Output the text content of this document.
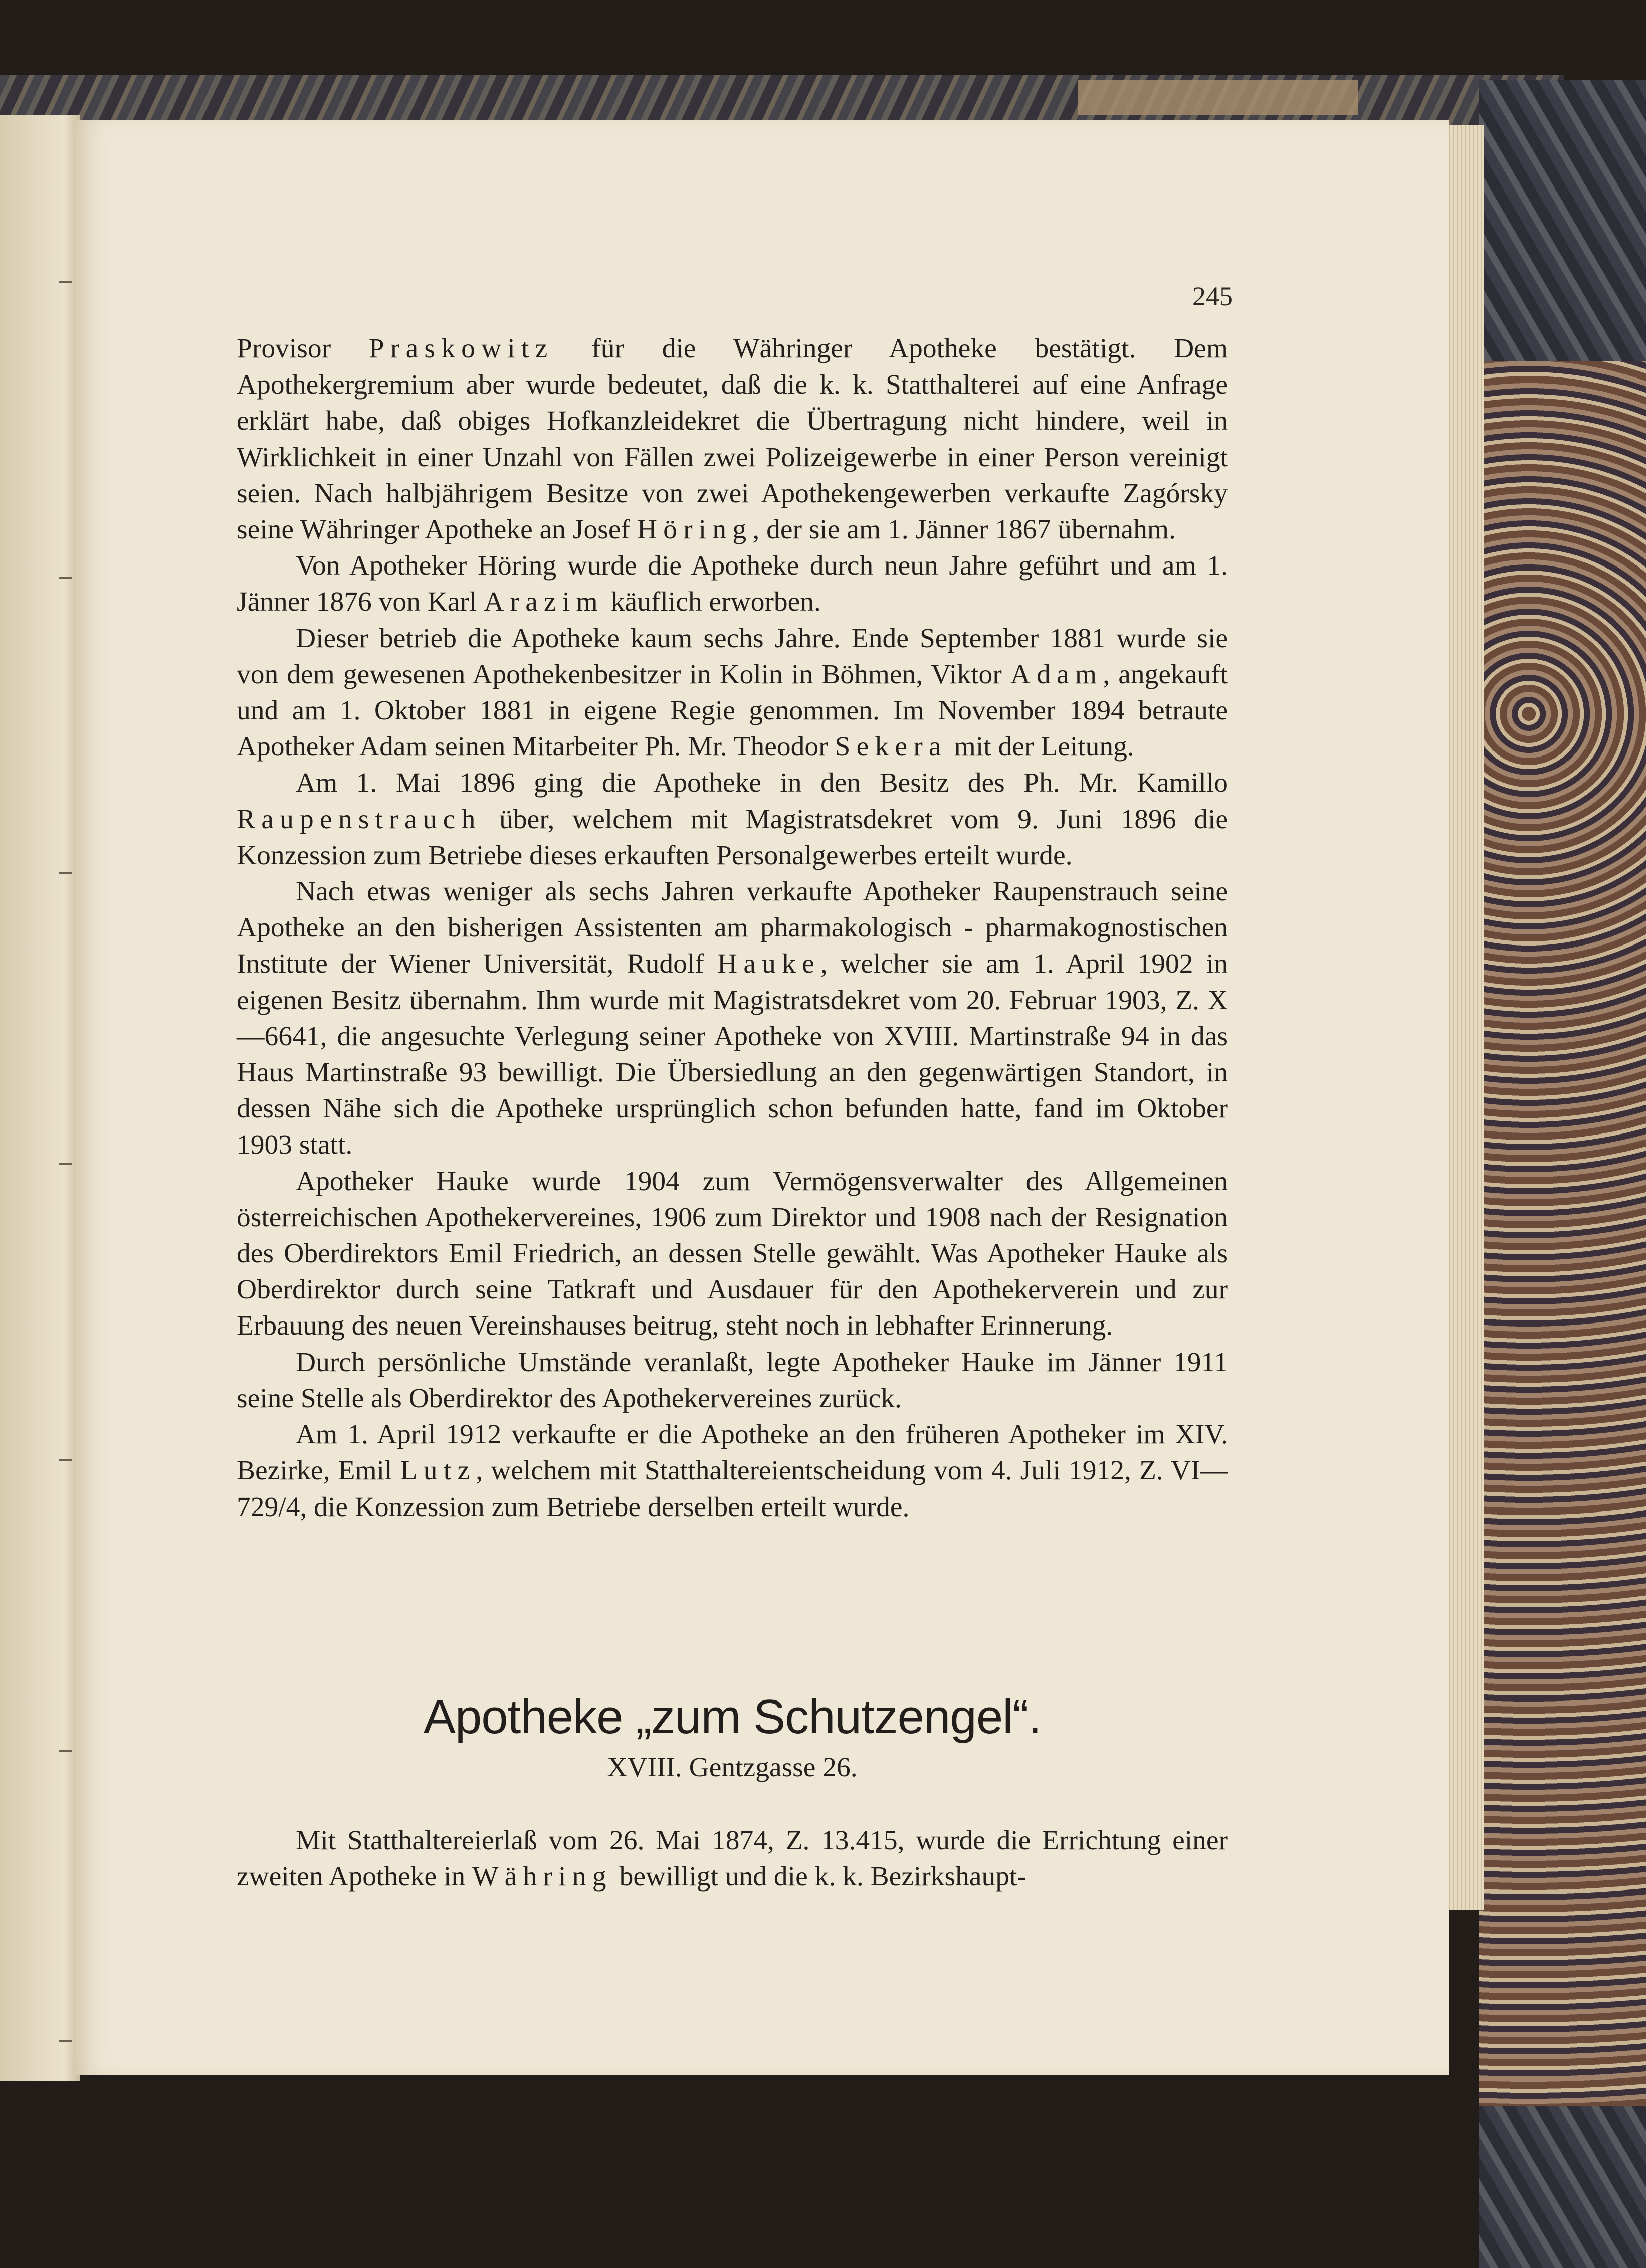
245

Provisor Praskowitz für die Währinger Apotheke bestätigt. Dem Apothekergremium aber wurde bedeutet, daß die k. k. Statthalterei auf eine Anfrage erklärt habe, daß obiges Hofkanzleidekret die Übertragung nicht hindere, weil in Wirklichkeit in einer Unzahl von Fällen zwei Polizeigewerbe in einer Person vereinigt seien. Nach halbjährigem Besitze von zwei Apothekengewerben verkaufte Zagórsky seine Währinger Apotheke an Josef Höring, der sie am 1. Jänner 1867 übernahm.

Von Apotheker Höring wurde die Apotheke durch neun Jahre geführt und am 1. Jänner 1876 von Karl Arazim käuflich erworben.

Dieser betrieb die Apotheke kaum sechs Jahre. Ende September 1881 wurde sie von dem gewesenen Apothekenbesitzer in Kolin in Böhmen, Viktor Adam, angekauft und am 1. Oktober 1881 in eigene Regie genommen. Im November 1894 betraute Apotheker Adam seinen Mitarbeiter Ph. Mr. Theodor Sekera mit der Leitung.

Am 1. Mai 1896 ging die Apotheke in den Besitz des Ph. Mr. Kamillo Raupenstrauch über, welchem mit Magistratsdekret vom 9. Juni 1896 die Konzession zum Betriebe dieses erkauften Personalgewerbes erteilt wurde.

Nach etwas weniger als sechs Jahren verkaufte Apotheker Raupenstrauch seine Apotheke an den bisherigen Assistenten am pharmakologisch - pharmakognostischen Institute der Wiener Universität, Rudolf Hauke, welcher sie am 1. April 1902 in eigenen Besitz übernahm. Ihm wurde mit Magistratsdekret vom 20. Februar 1903, Z. X—6641, die angesuchte Verlegung seiner Apotheke von XVIII. Martinstraße 94 in das Haus Martinstraße 93 bewilligt. Die Übersiedlung an den gegenwärtigen Standort, in dessen Nähe sich die Apotheke ursprünglich schon befunden hatte, fand im Oktober 1903 statt.

Apotheker Hauke wurde 1904 zum Vermögensverwalter des Allgemeinen österreichischen Apothekervereines, 1906 zum Direktor und 1908 nach der Resignation des Oberdirektors Emil Friedrich, an dessen Stelle gewählt. Was Apotheker Hauke als Oberdirektor durch seine Tatkraft und Ausdauer für den Apothekerverein und zur Erbauung des neuen Vereinshauses beitrug, steht noch in lebhafter Erinnerung.

Durch persönliche Umstände veranlaßt, legte Apotheker Hauke im Jänner 1911 seine Stelle als Oberdirektor des Apothekervereines zurück.

Am 1. April 1912 verkaufte er die Apotheke an den früheren Apotheker im XIV. Bezirke, Emil Lutz, welchem mit Statthaltereientscheidung vom 4. Juli 1912, Z. VI—729/4, die Konzession zum Betriebe derselben erteilt wurde.

Apotheke „zum Schutzengel“.
XVIII. Gentzgasse 26.

Mit Statthaltereierlaß vom 26. Mai 1874, Z. 13.415, wurde die Errichtung einer zweiten Apotheke in Währing bewilligt und die k. k. Bezirkshaupt-
